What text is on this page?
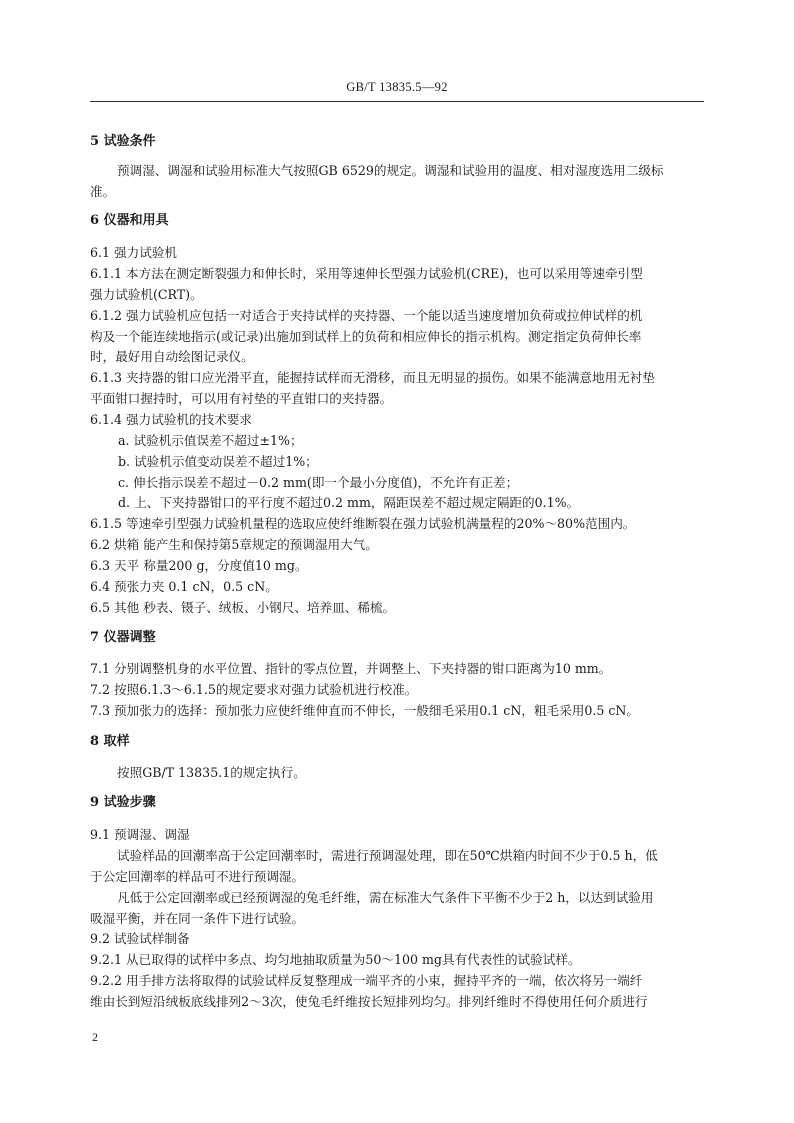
GB/T 13835.5—92
5 试验条件
预调湿、调湿和试验用标准大气按照GB 6529的规定。调湿和试验用的温度、相对湿度选用二级标
准。
6 仪器和用具
6.1 强力试验机
6.1.1 本方法在测定断裂强力和伸长时，采用等速伸长型强力试验机(CRE)，也可以采用等速牵引型
强力试验机(CRT)。
6.1.2 强力试验机应包括一对适合于夹持试样的夹持器、一个能以适当速度增加负荷或拉伸试样的机
构及一个能连续地指示(或记录)出施加到试样上的负荷和相应伸长的指示机构。测定指定负荷伸长率
时，最好用自动绘图记录仪。
6.1.3 夹持器的钳口应光滑平直，能握持试样而无滑移，而且无明显的损伤。如果不能满意地用无衬垫
平面钳口握持时，可以用有衬垫的平直钳口的夹持器。
6.1.4 强力试验机的技术要求
a. 试验机示值误差不超过±1%；
b. 试验机示值变动误差不超过1%；
c. 伸长指示误差不超过－0.2 mm(即一个最小分度值)，不允许有正差；
d. 上、下夹持器钳口的平行度不超过0.2 mm，隔距误差不超过规定隔距的0.1%。
6.1.5 等速牵引型强力试验机量程的选取应使纤维断裂在强力试验机满量程的20%～80%范围内。
6.2 烘箱 能产生和保持第5章规定的预调湿用大气。
6.3 天平 称量200 g，分度值10 mg。
6.4 预张力夹 0.1 cN，0.5 cN。
6.5 其他 秒表、镊子、绒板、小钢尺、培养皿、稀梳。
7 仪器调整
7.1 分别调整机身的水平位置、指针的零点位置，并调整上、下夹持器的钳口距离为10 mm。
7.2 按照6.1.3～6.1.5的规定要求对强力试验机进行校准。
7.3 预加张力的选择：预加张力应使纤维伸直而不伸长，一般细毛采用0.1 cN，粗毛采用0.5 cN。
8 取样
按照GB/T 13835.1的规定执行。
9 试验步骤
9.1 预调湿、调湿
试验样品的回潮率高于公定回潮率时，需进行预调湿处理，即在50℃烘箱内时间不少于0.5 h，低
于公定回潮率的样品可不进行预调湿。
凡低于公定回潮率或已经预调湿的兔毛纤维，需在标准大气条件下平衡不少于2 h，以达到试验用
吸湿平衡，并在同一条件下进行试验。
9.2 试验试样制备
9.2.1 从已取得的试样中多点、均匀地抽取质量为50～100 mg具有代表性的试验试样。
9.2.2 用手排方法将取得的试验试样反复整理成一端平齐的小束，握持平齐的一端，依次将另一端纤
维由长到短沿绒板底线排列2～3次，使兔毛纤维按长短排列均匀。排列纤维时不得使用任何介质进行
2
